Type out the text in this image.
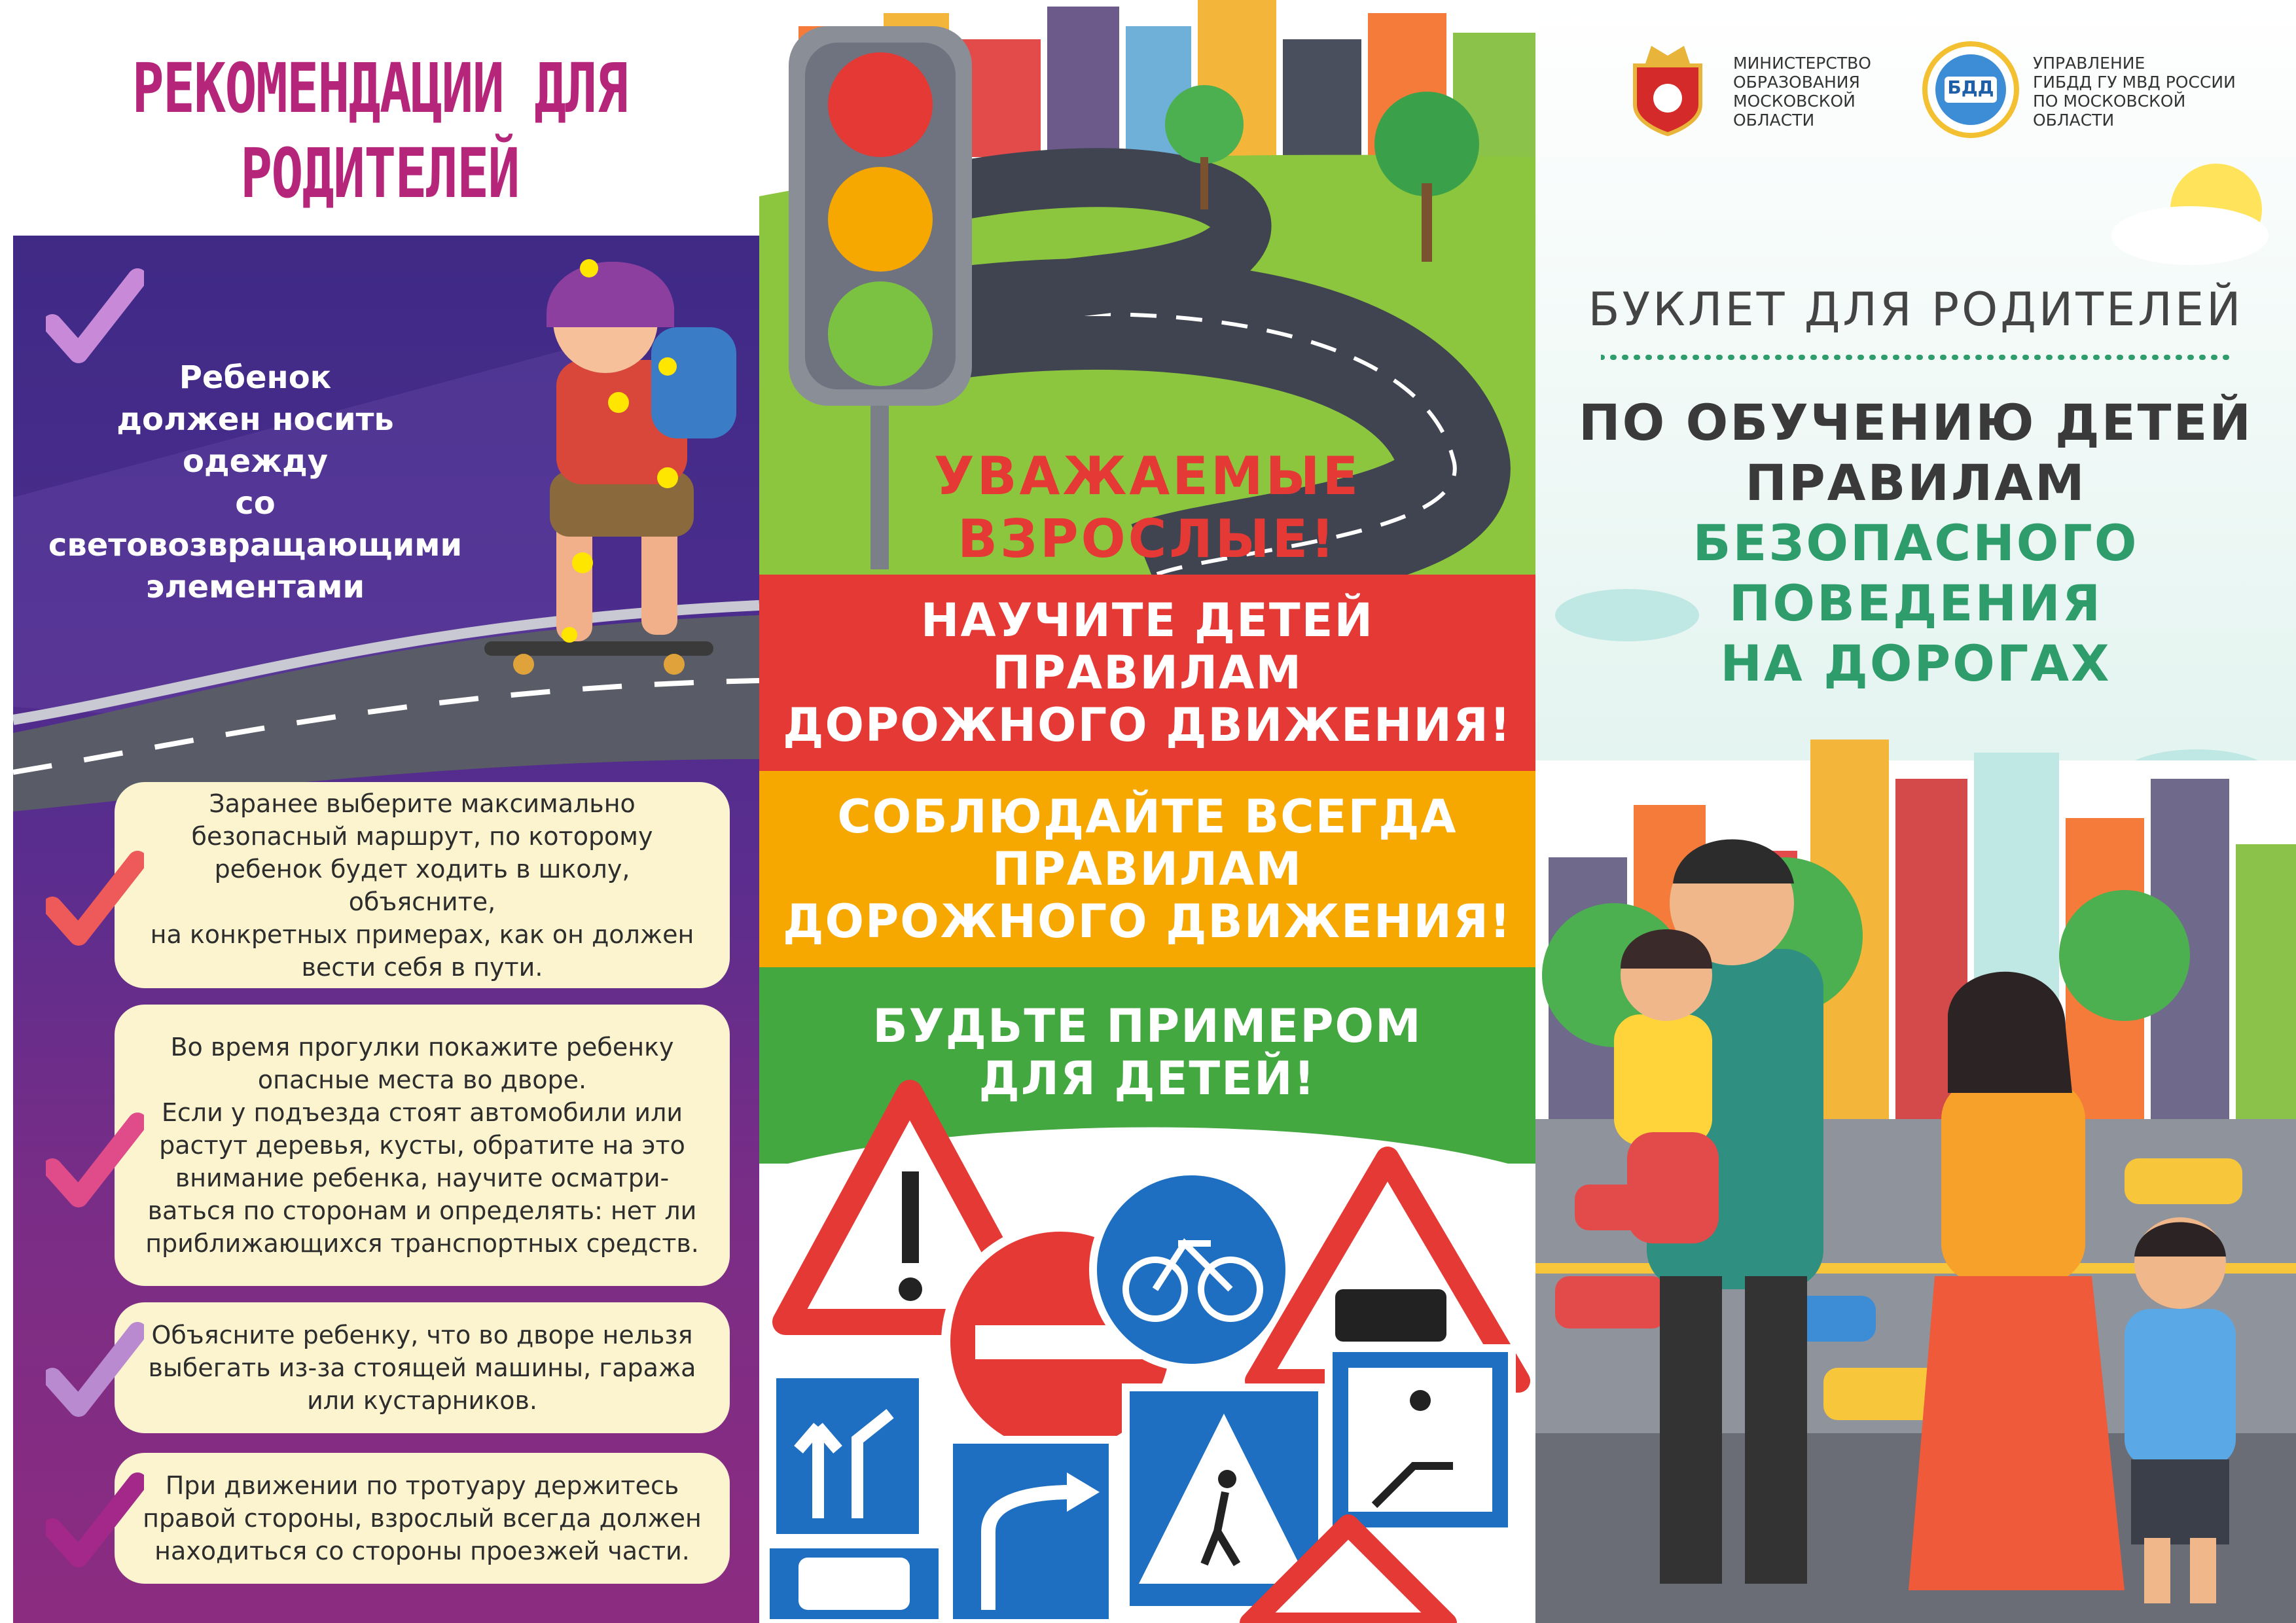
РЕКОМЕНДАЦИИ ДЛЯ
РОДИТЕЛЕЙ
Ребенок
должен носить одежду
со световозвращающими
элементами
Заранее выберите максимально
безопасный маршрут, по которому
ребенок будет ходить в школу, объясните,
на конкретных примерах, как он должен
вести себя в пути.
Во время прогулки покажите ребенку
опасные места во дворе.
Если у подъезда стоят автомобили или
растут деревья, кусты, обратите на это
внимание ребенка, научите осматри-
ваться по сторонам и определять: нет ли
приближающихся транспортных средств.
Объясните ребенку, что во дворе нельзя
выбегать из-за стоящей машины, гаража
или кустарников.
При движении по тротуару держитесь
правой стороны, взрослый всегда должен
находиться со стороны проезжей части.
УВАЖАЕМЫЕ
ВЗРОСЛЫЕ!
НАУЧИТЕ ДЕТЕЙ
ПРАВИЛАМ
ДОРОЖНОГО ДВИЖЕНИЯ!
СОБЛЮДАЙТЕ ВСЕГДА
ПРАВИЛАМ
ДОРОЖНОГО ДВИЖЕНИЯ!
БУДЬТЕ ПРИМЕРОМ
ДЛЯ ДЕТЕЙ!
МИНИСТЕРСТВО
ОБРАЗОВАНИЯ
МОСКОВСКОЙ
ОБЛАСТИ
БДД
УПРАВЛЕНИЕ
ГИБДД ГУ МВД РОССИИ
ПО МОСКОВСКОЙ
ОБЛАСТИ
БУКЛЕТ ДЛЯ РОДИТЕЛЕЙ
ПО ОБУЧЕНИЮ ДЕТЕЙ
ПРАВИЛАМ
БЕЗОПАСНОГО
ПОВЕДЕНИЯ
НА ДОРОГАХ
